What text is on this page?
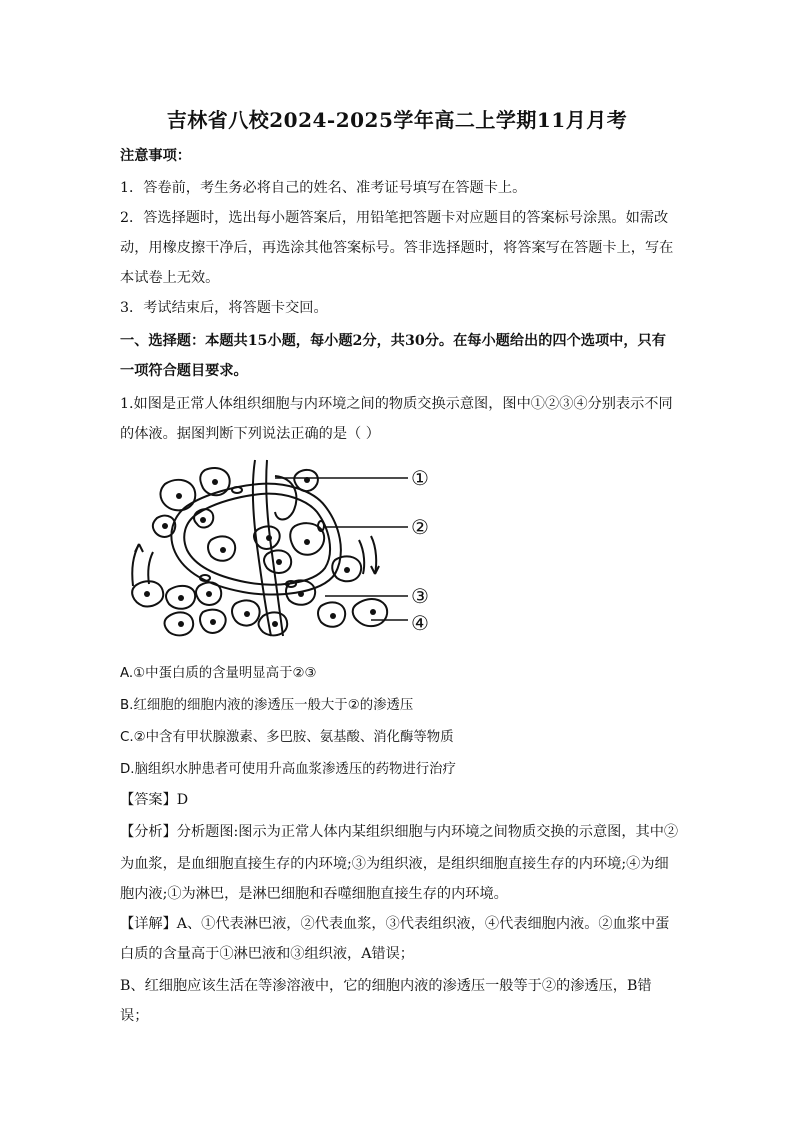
吉林省八校2024-2025学年高二上学期11月月考
注意事项：
1．答卷前，考生务必将自己的姓名、准考证号填写在答题卡上。
2．答选择题时，选出每小题答案后，用铅笔把答题卡对应题目的答案标号涂黑。如需改
动，用橡皮擦干净后，再选涂其他答案标号。答非选择题时，将答案写在答题卡上，写在
本试卷上无效。
3．考试结束后，将答题卡交回。
一、选择题：本题共15小题，每小题2分，共30分。在每小题给出的四个选项中，只有
一项符合题目要求。
1.如图是正常人体组织细胞与内环境之间的物质交换示意图，图中①②③④分别表示不同
的体液。据图判断下列说法正确的是（ ）
①
②
③
④
A.①中蛋白质的含量明显高于②③
B.红细胞的细胞内液的渗透压一般大于②的渗透压
C.②中含有甲状腺激素、多巴胺、氨基酸、消化酶等物质
D.脑组织水肿患者可使用升高血浆渗透压的药物进行治疗
【答案】D
【分析】分析题图:图示为正常人体内某组织细胞与内环境之间物质交换的示意图，其中②
为血浆，是血细胞直接生存的内环境;③为组织液，是组织细胞直接生存的内环境;④为细
胞内液;①为淋巴，是淋巴细胞和吞噬细胞直接生存的内环境。
【详解】A、①代表淋巴液，②代表血浆，③代表组织液，④代表细胞内液。②血浆中蛋
白质的含量高于①淋巴液和③组织液，A错误；
B、红细胞应该生活在等渗溶液中，它的细胞内液的渗透压一般等于②的渗透压，B错
误；
